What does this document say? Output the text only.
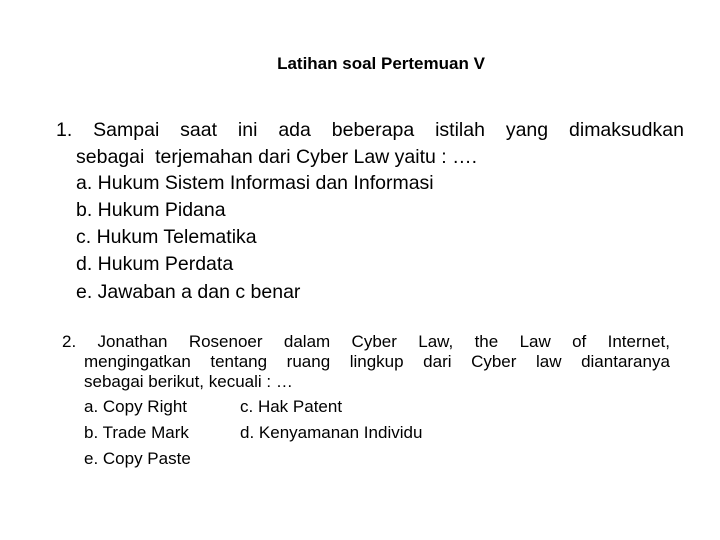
Latihan soal Pertemuan V
1. Sampai saat ini ada beberapa istilah yang dimaksudkan
sebagai  terjemahan dari Cyber Law yaitu : ….
a. Hukum Sistem Informasi dan Informasi
b. Hukum Pidana
c. Hukum Telematika
d. Hukum Perdata
e. Jawaban a dan c benar
2. Jonathan Rosenoer dalam Cyber Law, the Law of Internet,
mengingatkan tentang ruang lingkup dari Cyber law diantaranya
sebagai berikut, kecuali : …
a. Copy Right	c. Hak Patent
b. Trade Mark	d. Kenyamanan Individu
e. Copy Paste
